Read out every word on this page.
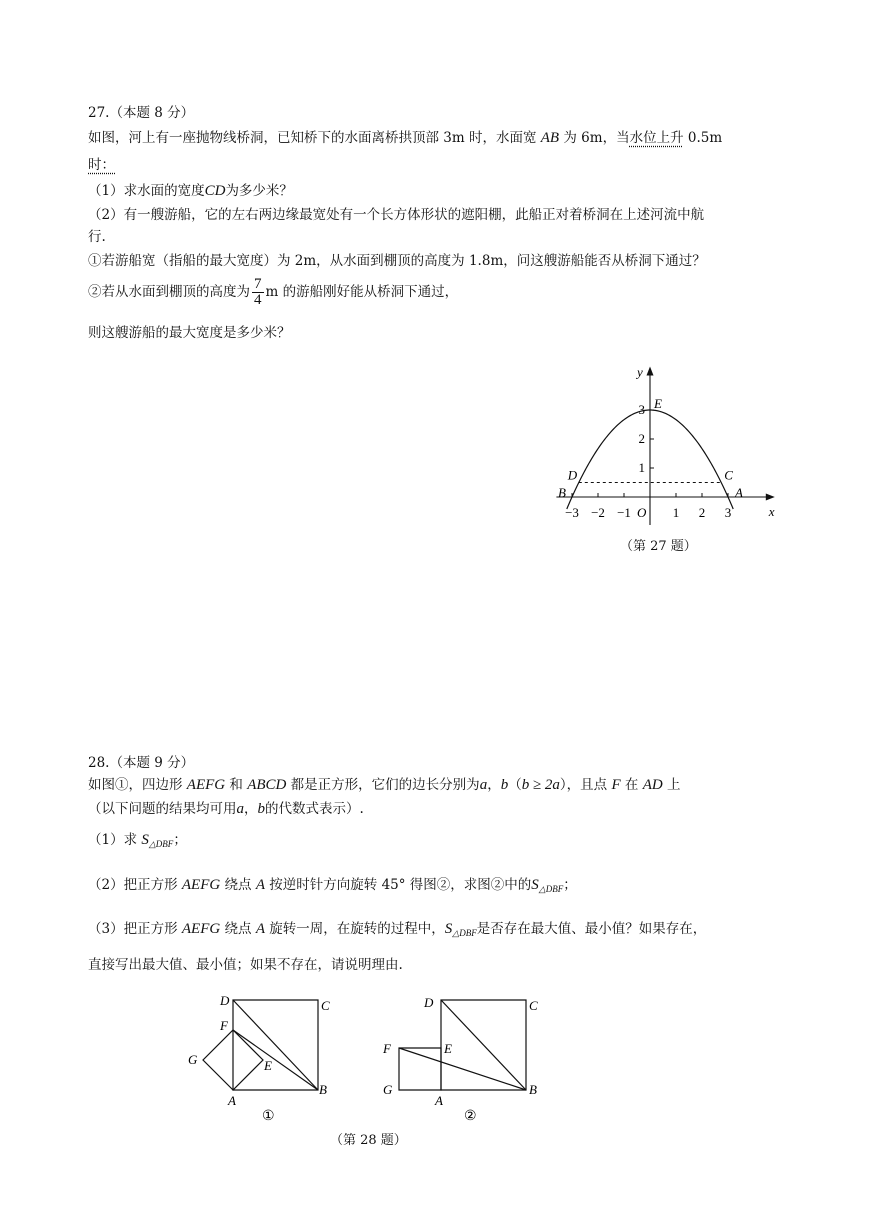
27.（本题 8 分）
如图，河上有一座抛物线桥洞，已知桥下的水面离桥拱顶部 3m 时，水面宽 AB 为 6m，当水位上升 0.5m
时：
（1）求水面的宽度CD为多少米？
（2）有一艘游船，它的左右两边缘最宽处有一个长方体形状的遮阳棚，此船正对着桥洞在上述河流中航
行.
①若游船宽（指船的最大宽度）为 2m，从水面到棚顶的高度为 1.8m，问这艘游船能否从桥洞下通过？
②若从水面到棚顶的高度为 $\frac{7}{4}$ m 的游船刚好能从桥洞下通过，
则这艘游船的最大宽度是多少米？
x
y
O
−3 −2 −1	1 2 3
1
2
3 E
B	A
C
D
（第 27 题）
28.（本题 9 分）
如图①，四边形 AEFG 和 ABCD 都是正方形，它们的边长分别为a，b（b ≥ 2a），且点 F 在 AD 上
（以下问题的结果均可用a，b的代数式表示）.
（1）求 $S_{\triangle DBF}$；
（2）把正方形 AEFG 绕点 A 按逆时针方向旋转 45° 得图②，求图②中的$S_{\triangle DBF}$；
（3）把正方形 AEFG 绕点 A 旋转一周，在旋转的过程中，$S_{\triangle DBF}$是否存在最大值、最小值？如果存在，
直接写出最大值、最小值；如果不存在，请说明理由.
D	C
F
G	E
A
B
①
D	C
F	E
G
A
B
②
（第 28 题）
